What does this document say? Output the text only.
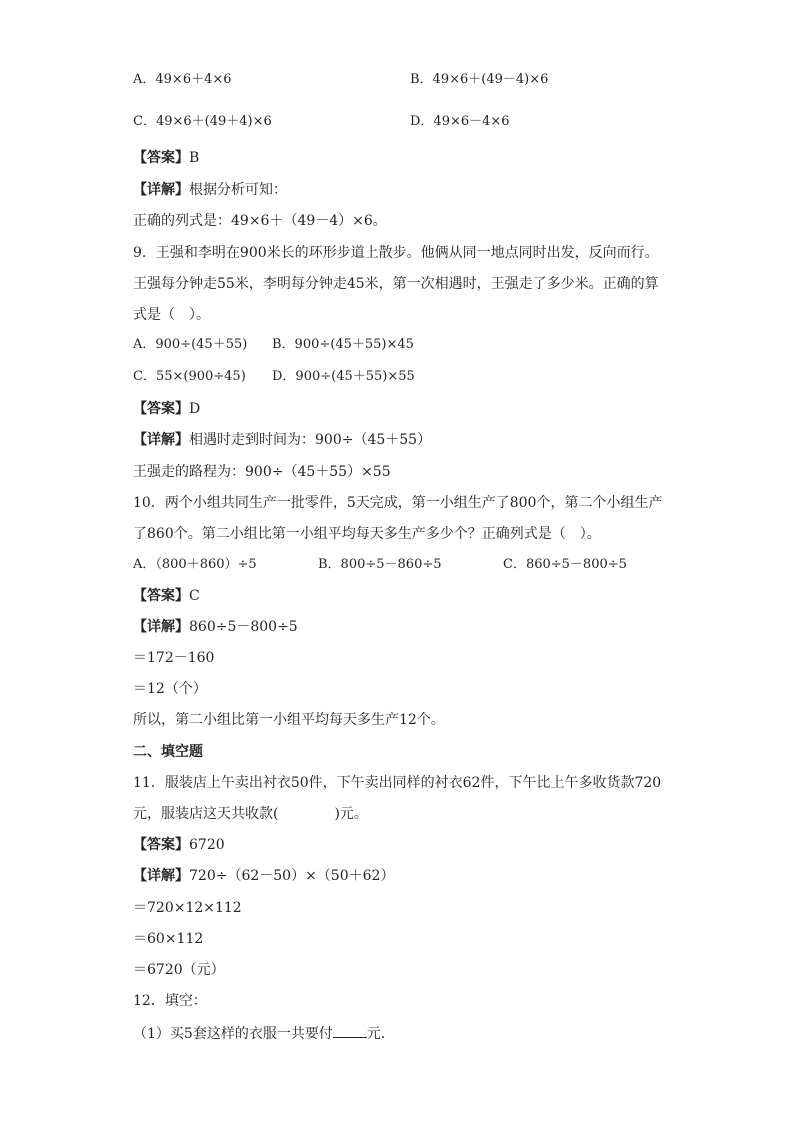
A．49×6＋4×6	B．49×6＋(49－4)×6
C．49×6＋(49＋4)×6	D．49×6－4×6
【答案】B
【详解】根据分析可知：
正确的列式是：49×6＋（49－4）×6。
9．王强和李明在900米长的环形步道上散步。他俩从同一地点同时出发，反向而行。
王强每分钟走55米，李明每分钟走45米，第一次相遇时，王强走了多少米。正确的算
式是（　）。
A．900÷(45＋55) B．900÷(45＋55)×45
C．55×(900÷45) D．900÷(45＋55)×55
【答案】D
【详解】相遇时走到时间为：900÷（45＋55）
王强走的路程为：900÷（45＋55）×55
10．两个小组共同生产一批零件，5天完成，第一小组生产了800个，第二个小组生产
了860个。第二小组比第一小组平均每天多生产多少个？正确列式是（　）。
A．（800＋860）÷5	B．800÷5－860÷5	C．860÷5－800÷5
【答案】C
【详解】860÷5－800÷5
＝172－160
＝12（个）
所以，第二小组比第一小组平均每天多生产12个。
二、填空题
11．服装店上午卖出衬衣50件，下午卖出同样的衬衣62件，下午比上午多收货款720
元，服装店这天共收款(　　　　)元。
【答案】6720
【详解】720÷（62－50）×（50＋62）
＝720×12×112
＝60×112
＝6720（元）
12．填空：
（1）买5套这样的衣服一共要付 元．
